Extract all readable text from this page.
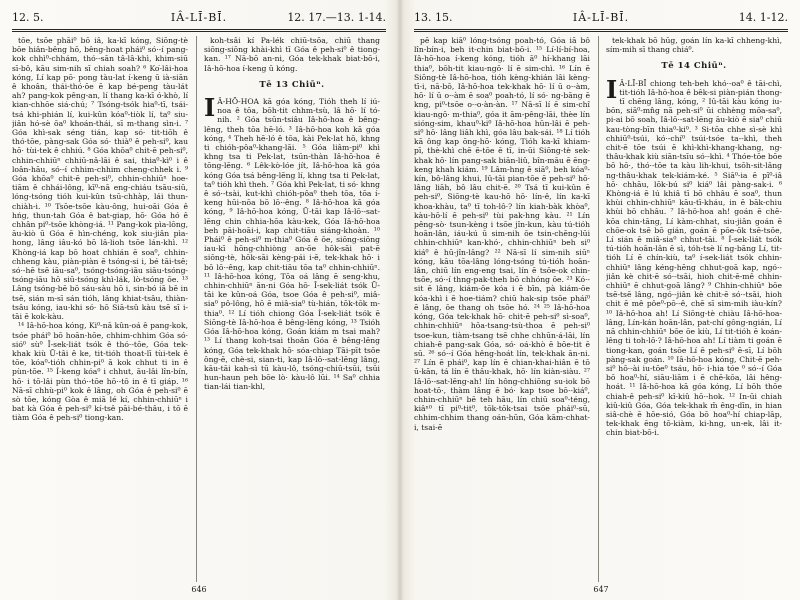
12. 5.	IÂ-LĪ-BĪ.	12. 17.—13. 1-14.

tōe, tsōe phāi⁰ bō iâ, ka-kī kóng, Siōng-tè bōe hiân-bêng hō, bêng-hoat phái⁰ só·-í pang-kok chhì⁰-chhám, thó·-sān tâ-lâ-khì, khim-siū sī-bô, kāu sim-nih sī chiah soah? ⁶ Ko͘-lâi-hoa kóng, Lí kap pō· pong tàu-lat í-keng ū ià-siān ê khoân, thái-thó·ōe ē kap bé-peng tàu-lát ah? pang-kok pêng-an, lí thang ka-kī ó·khò, lí kian-chhōe siá·chú; ⁷ Tsóng-tsók hia⁰-tī, tsái-tsá khi-phián lí, kui-kûn kóa⁰-tiòk lí, ta⁰ siu-jiân hó-sè ōa⁰ khoán-thái, sī m-thang sìn-i. ⁷ Góa khì-sak séng tián, kap só· tit-tiōh ê thó·tōe, pàng-sak Góa só· thià⁰ ê peh-si⁰, kau hō· tùi-tek ê chhiú. ⁸ Góa khōa⁰ chit-ē peh-si⁰, chhin-chhiūⁿ chhiū-nâ-lāi ê sai, thia⁰-kì⁰ i ê loân-hāu, só·-í chhim-chhim cheng-chhek i. ⁹ Góa khōa⁰ chit-ē peh-si⁰, chhin-chhiūⁿ hoe-tiām ê chhái-lông, kī⁰-nā eng-chiáu tsāu-siū, lóng-tsóng tióh kui-kûn tsū-chhàp, lái thun-chiàh-i. ¹⁰ Tsōe-tsōe kàu-ông, hui-oāi Góa ê hńg, thun-tah Góa ê bat-giap, hō· Góa hó ê chhân pi⁰-tsōe khòng-iá. ¹¹ Pang-kok pìa-lōng, āu-kiò ū Góa ē hìn-chéng, kok siu-jiân pìa-hong, lâng iâu-kó bō lâ-lioh tsōe lán-khì. ¹² Khòng-iá kap bō hoat chhián ē soa⁰, chhin-chheng kàu, piàn-piàn ē tsóng-si i, bé tāi-tsê; só·-hē tsē iāu-sa⁰, tsóng-tsóng-iāu siāu-tsóng-tsóng-iāu hō siū-tsóng khì-lák, lò-tsóng ōe. ¹³ Lâng tsóng-bē bō sáu-sàu hō i, sin-bó iā bē in tsē, sián m-sī sán tióh, lâng khiat-tsâu, thiàn-tsâu kóng, iau-khi só· hō Siā-tsû kàu tsē sī i-tāi ē kok-kàu.

¹⁴ Iâ-hō-hoa kóng, Ki⁰-nā kûn-oá ê pang-kok, tsóe phái⁰ bō hoān-hōe, chhim-chhim Góa só· sió⁰ sù⁰ Î-sek-liát tsók ê thó·-tōe, Góa tek-khak kiù Ū-tâi ê ke, tit-tióh thoat-lī tùi-tek ê tōe, kóa⁰-tióh chhin-pi⁰ ā kok chhut ti in ê pùn-tōe. ¹⁵ Í-keng kóa⁰ i chhut, āu-lâi lîn-bín, hō· i tō-lâi pùn thó·-tōe hō·-tō in ê tī giáp. ¹⁶ Nā-sī chhù-pi⁰ kok ê lâng, oh Góa ê peh-si⁰ ē sò tōe, kóng Gòa ê miā lé kí, chhin-chhiūⁿ i bat kà Góa ê peh-si⁰ kí-tsê pāi-bé-thâu, i tō ē tiàm Góa ê peh-si⁰ tiong-kan.

koh-tsâi kí Pa-lék chiū-tsōa, chiū thang siōng-siōng khài-khì tī Góa ê peh-si⁰ ê tiong-kan. ¹⁷ Nā-bō an-ni, Góa tek-khak biat-bō-i, Iâ-hō-hoa í-keng ū kóng.

Tē 13 Chiūⁿ.

I Â-HŌ-HOA kā góa kóng, Tióh theh lí iú-noa ê tōa, bōh-tit chhm-tsù, lâ hō· lí tó-nih. ² Góa tsūn-tsiâu Iâ-hō-hoa ê bêng-lêng, theh tōa hē-ló. ³ Iâ-hō-hoa koh kā góa kóng, ⁴ Theh hē-ló ê tōa, kài Pek-lat hō, khng ti chióh-pôa⁰-khang-lāi. ⁵ Góa liâm-pi⁰ khì khng tsa ti Pek-lat, tsūn-thàn Iâ-hō-hoa ê tōng-lēng. ⁶ Lêk-kò-lóe jít, Iâ-hō-hoa kā góa kóng Góa tsá bêng-lēng lí, khng tsa ti Pek-lat, ta⁰ tióh khì theh. ⁷ Góa khì Pek-lat, ti só· khng ê só·-tsài, kut-khì chióh-pôa⁰ theh tōa, tōa í-keng hūi-nōa bō lō·-êng. ⁸ Iâ-hō-hoa kā góa kóng, ⁹ Iâ-hō-hoa kóng, Ū-tāi kap Iâ-lō·-sat-lēng chin chhia-hōa kàu-kek, Góa Iâ-hō-hoa beh pāi-hoāi-i, kap chit-tiāu siáng-khoàn. ¹⁰ Phái⁰ ê peh-si⁰ m-thia⁰ Góa ê ōe, siōng-siōng iau-kī hōng-chhiòng an-ōe hōk-sāi pat-ē siōng-tè, hōk-sāi kèng-pái i-ē, tek-khak hō· i bō lō·-êng, kap chit-tiāu tōa ta⁰ chhin-chhiūⁿ. ¹¹ Iâ-hō-hoa kóng, Tōa oá lâng ē seng-khu, chhin-chhiūⁿ ān-ni Góa hō· Î-sek-liát tsók Ū-tāi ke kûn-oá Góa, tsoe Góa ê peh-si⁰, miâ-sia⁰ pô-lông, hō ē miâ-sia⁰ tù-hián, tōk-tōk m-thia⁰. ¹² Lí tióh chiong Góa Í-sek-liát tsók ē Siōng-tè Iâ-hō-hoa ê bêng-lēng kóng, ¹³ Tsióh Góa Iâ-hō-hoa kóng, Goán kiám m tsai mah? ¹³ Lí thang koh-tsai thoân Góa ê bêng-lēng kóng, Góa tek-khak hō· sóa-chiap Tāi-pīt tsōe ông-ē, chè-si, sian-ti, kap Iâ-lō·-sat-lēng lâng, kāu-tāi kah-sì tū kàu-lô, tsóng-chiū-tsūi, tsūi hun-haun peh bōe lò· kàu-lô lūi. ¹⁴ Sa⁰ chhia tian-lái tian-khl,

646
13. 15.	IÂ-LĪ-BĪ.	14. 1-12.

pē kap kiā⁰ lóng-tsóng poah-tó, Góa iā bô lîn-bín-i, beh it-chin biat-bō-i. ¹⁵ Lí-lí-bí-hoa, Iâ-hō-hoa í-keng kóng, tióh ā⁰ hí-khang lāi thia⁰, bōh-tit kiau-ngō· lí ē sim-chì. ¹⁶ Lín ē Siōng-tè Iâ-hō-hoa, tióh kèng-khián lâi kèng-tī-i, nā-bō, Iâ-hō-hoa tek-khak hō· lí ū o·-àm, hō· lí ū o·-àm ē soa⁰ poah-tó, lí só· ng-bāng ē kng, pi⁰-tsōe o·-o·àn-àn. ¹⁷ Nā-sī lí ē sim-chî kiau-ngō· m-thia⁰, góa it ām-pêng-lāi, thèe lín sióng-sim, khau⁰-ki⁰ Iâ-hō-hoa hūn-lâi ē peh-si⁰ hō· lâng liâh khì, góa lâu bak-sái. ¹⁸ Lí tióh kā ông kap ōng-hō· kóng, Tióh ka-kī khiam-pī, thè-khì chē ē-tōe ē tī, in-ūi Siōng-tè sek-khak hō· lín pang-sak biān-liû, bîn-māu ē ēng-keng khah kiám. ¹⁹ Lâm-hng ē siā⁰, beh kóa⁰-kín, bô-lâng khui, Iû-tāi pian-tōe ē peh-si⁰ hō· lâng liāh, bô lâu chit-ē. ²⁰ Tsá tī kui-kûn ē peh-si⁰, Siōng-tè kau-hō hō· lín-ê, lín ka-kī khoa-khàu, ta⁰ tī toh-lô·? lín kiah-bàk khòa⁰, kàu-hō·lí ē peh-si⁰ tùi pak-hng kàu. ²¹ Lín pêng-sò· tsun-kèng i tsōe jîn-kun, kàu tú-tióh hoān-lân, iáu-kú ū sim-nih ōe tsin-chēng-lūi chhin-chhiūⁿ kan-khó·, chhin-chhiūⁿ beh si⁰ kiá⁰ ê hū-jîn-lâng? ²² Nā-sī lí sim-nih siūⁿ kóng, kāu tōa-lâng lóng-tsóng tú-tióh hoān-lân, chiū lín eng-eng tsai, lín ē tsōe-ok chin-tsōe, só·-í thng-pak-theh bō chhóng ōe. ²³ Kó·-sit ē lâng, kiám-ōe kóa i ē bīn, pà kiám-ōe kóa-khì i ē hoe-tiám? chiū hak-sip tsōe pháí⁰ ē lâng, ōe thang oh tsōe hó. ²⁴ ²⁵ Iâ-hō-hoa kóng, Góa tek-khak hō· chit-ē peh-si⁰ sì-soa⁰, chhin-chhiūⁿ hōa-tsang-tsù-thoa ē peh-si⁰ tsoe-kun, tiàm-tsang tsē chhe chhūn-á-lāi, lín chiah-ê pang-sak Góa, só· oá-khò ē bōe-tit ē sū. ²⁶ só·-í Góa hêng-hoát lín, tek-khak ān-ni. ²⁷ Lín ē phái⁰, kap lín ē chian-khai-hiân ē tō ū-kān, tá lín ē thâu-khak, hō· lín kiàn-siàu. ²⁷ Iâ-lō·-sat-lēng-ah! lín hông-chhiōng su-iok bō hoat-tō·, thàm lâng ē bó· kap tsoe bō·-kiá⁰, chhin-chhiūⁿ bē teh hāu, lín chiū soa⁰-téng, kiâⁿ⁰ tī pi⁰-tit⁰, tōk-tōk-tsai tsōe phái⁰-sū, chhim-chhim thang oán-hūn, Góa kām-chhat-i, tsai-ē

tek-khak bō hūg, goán lín ka-kī chheng-khì, sím-mih sī thang chiá⁰.

Tē 14 Chiūⁿ.

I Â-LĪ-BĪ chiong teh-beh khó·-oa⁰ ê tāi-chì, tit-tióh Iâ-hō-hoa ê bêk-si piàn-pián thong-tī chēng lâng, kóng, ² Iû-tāi kàu kóng iu-bōn, siā⁰-mn̂g nā peh-si⁰ ūi chhèng mōa-sa⁰, pi-ai bō soah, Iâ-lō·-sat-lēng āu-kiò ē sia⁰ chiū kau-tòng-bīn thia⁰-ki⁰. ³ Si-tōa chhe sì-sè khì chhiū⁰-tsúi, kó·-chí⁰ tsúi-tsóe ta--khì, theh chit-ē tōe tsúi ē khì-khì-khang-khang, ng-thâu-khak kiù siān-tsīu só·-khì. ⁴ Thóe-tōe bōe bō hō·, thó·-tōe ta kàu lih-khui, tsōh-sit-lâng ng-thâu-khak tek-kiám-ké. ⁵ Siā⁰-ia ē pī⁰-iâ hō· chhāu, lōk-bú si⁰ kiá⁰ lâi pàng-sak-i. ⁶ Khòng-iá ē lú khiâ tī bō chhâu ē soa⁰, thun khùi chhin-chhiūⁿ kāu-tī-kháu, in ē bāk-chiu khùi bō chhâu. ⁷ Iâ-hō-hoa ah! goán ē chē-kōa chin-tāng, Lí kàm-chhat, siu-jiân goán ē chōe-ok tsē bō gián, goán ē pōe-ōk tsē-tsōe, Lí sián ē miâ-sia⁰ chhut-tāi. ⁸ Í-sek-liát tsók tú-tióh hoān-lân ē sì, tóh-tsè lí ng-bāng Lí, tit-tióh Lí ē chín-kiù, ta⁰ í-sek-liát tsók chhin-chhiūⁿ lâng kéng-hēng chhut-goā kap, ngó·-jiân kè chit-ē só·-tsāi, hioh chit-ē-mê chhin-chhiūⁿ ē chhut-goā lâng? ⁹ Chhin-chhiūⁿ bōe tsē-tsē lâng, ngó·-jiân kè chit-ē só·-tsāi, hioh chit ē mê pôe⁰-pō·-ê, chē sī sim-mih iàu-kín? ¹⁰ Iâ-hō-hoa ah! Lí Siōng-tè chiàu Iâ-hō-hoa-lâng, Lín-kán hoān-lân, pat-chí gông-ngián, Lí nā chhin-chhiūⁿ bōe ōe kiù, Lí tit-tióh ē koán-lêng ti toh-lō·? Iâ-hō-hoa ah! Lí tiàm ti goán ē tiong-kan, goán tsōe Lí ē peh-si⁰ ē-sī, Lí bōh pàng-sak goán. ¹⁰ Iâ-hō-hoa kóng, Chit-ē peh-si⁰ hō·-ài iu-tōe⁰ tsáu, hō· i-hia tóe ⁰ só·-í Góa bō hoa⁰-hí, siāu-liām i ē chē-kōa, lâi hêng-hoát. ¹¹ Iâ-hō-hoa kā góa kóng, Lí bōh thōe chiah-ê peh-si⁰ kî-kiû hō·-hok. ¹² In-ūi chiah kiû-kiû Góa, Góa tek-khak m̄ êng-dīn, in hian siâ-chè ē hōe-sió, Góa bō hoa⁰-hí chiap-lâp, tek-khak ēng tō-kiàm, ki-hng, un-ek, lâi it-chin biat-bō-i.

647
